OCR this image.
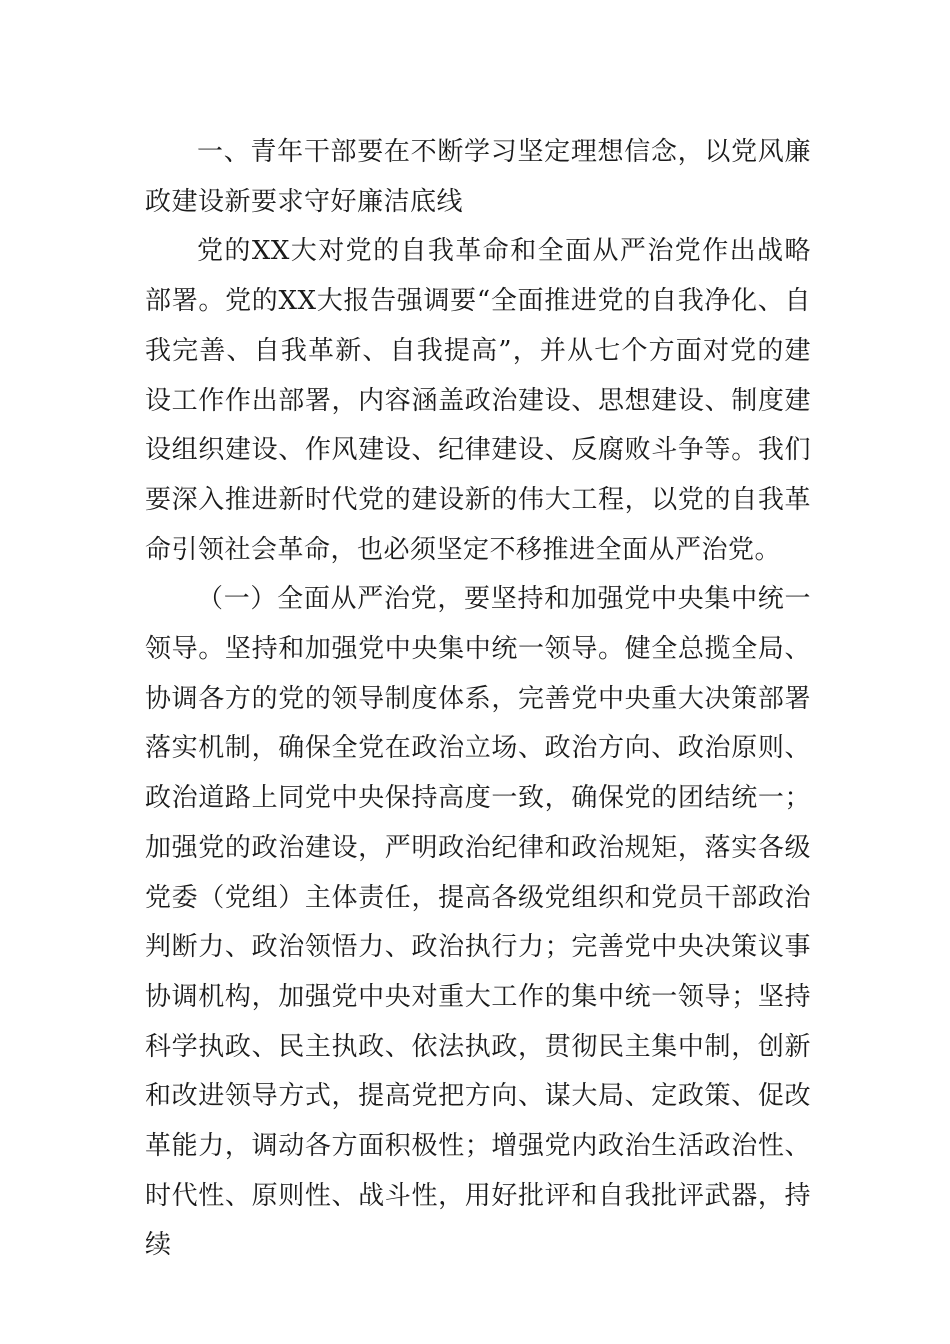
一、青年干部要在不断学习坚定理想信念，以党风廉政建设新要求守好廉洁底线

党的XX大对党的自我革命和全面从严治党作出战略部署。党的XX大报告强调要“全面推进党的自我净化、自我完善、自我革新、自我提高”，并从七个方面对党的建设工作作出部署，内容涵盖政治建设、思想建设、制度建设组织建设、作风建设、纪律建设、反腐败斗争等。我们要深入推进新时代党的建设新的伟大工程，以党的自我革命引领社会革命，也必须坚定不移推进全面从严治党。

（一）全面从严治党，要坚持和加强党中央集中统一领导。坚持和加强党中央集中统一领导。健全总揽全局、协调各方的党的领导制度体系，完善党中央重大决策部署落实机制，确保全党在政治立场、政治方向、政治原则、政治道路上同党中央保持高度一致，确保党的团结统一；加强党的政治建设，严明政治纪律和政治规矩，落实各级党委（党组）主体责任，提高各级党组织和党员干部政治判断力、政治领悟力、政治执行力；完善党中央决策议事协调机构，加强党中央对重大工作的集中统一领导；坚持科学执政、民主执政、依法执政，贯彻民主集中制，创新和改进领导方式，提高党把方向、谋大局、定政策、促改革能力，调动各方面积极性；增强党内政治生活政治性、时代性、原则性、战斗性，用好批评和自我批评武器，持续
